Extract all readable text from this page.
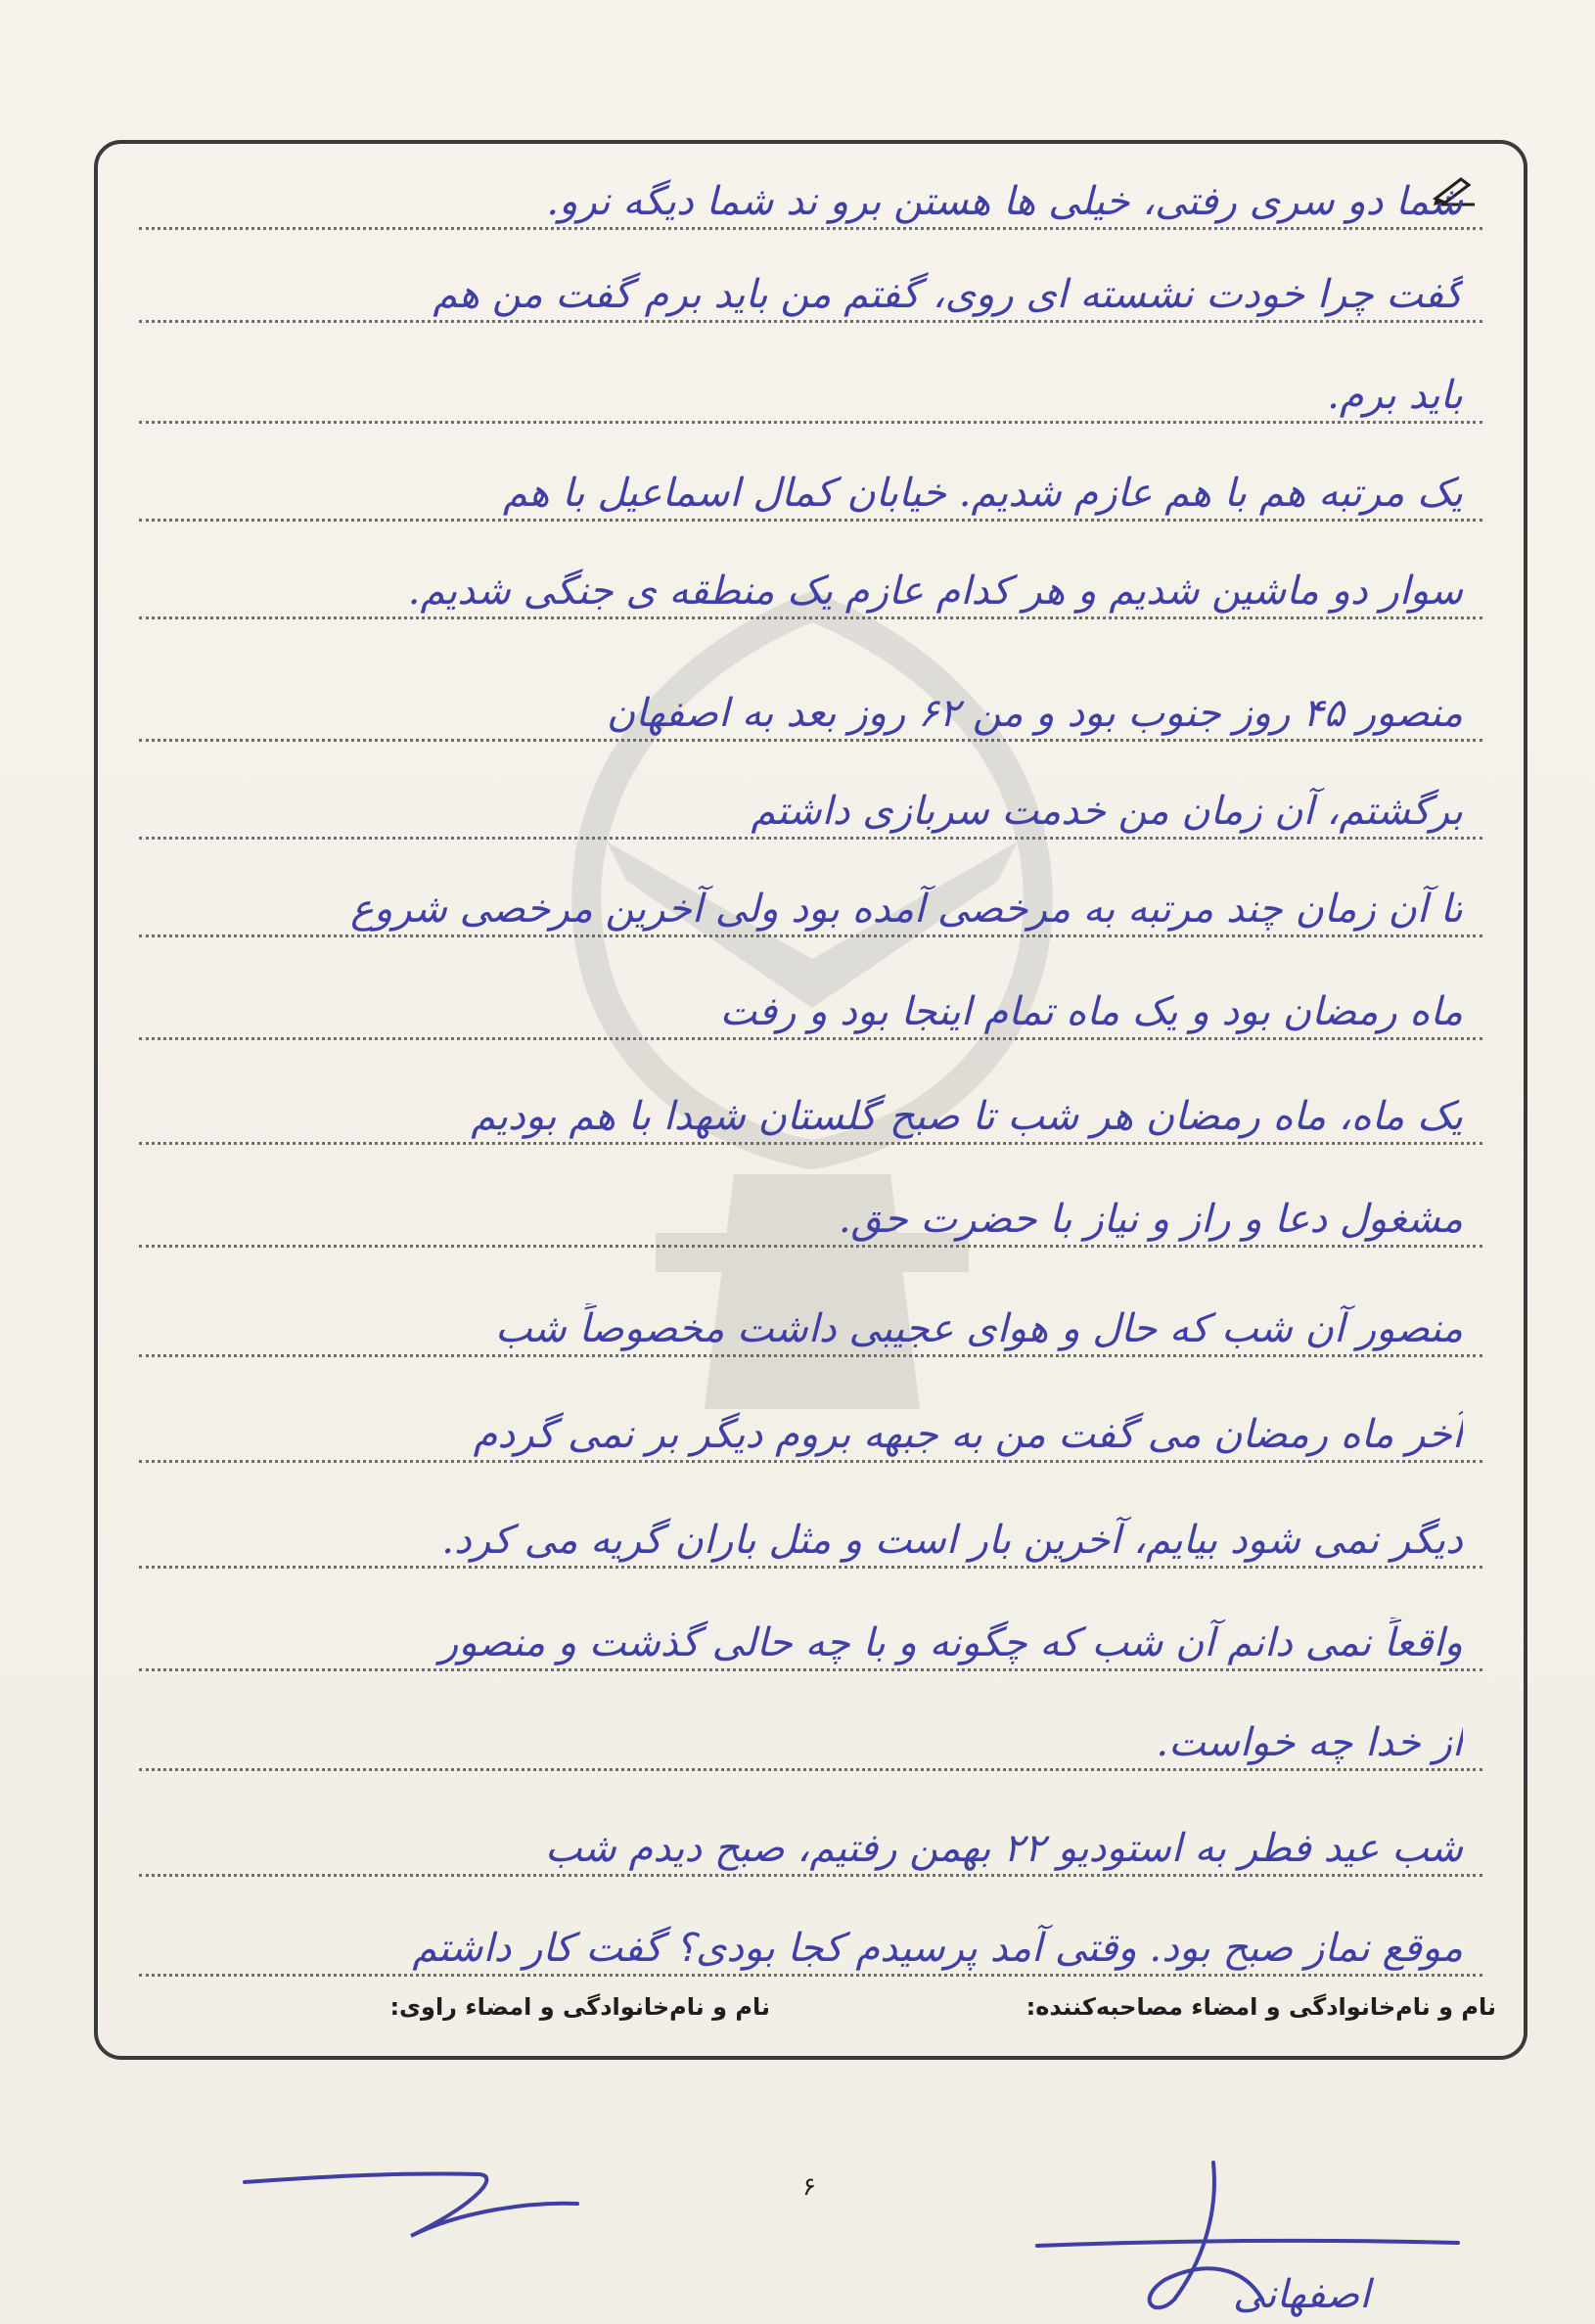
شما دو سری رفتی، خیلی ها هستن برو ند شما دیگه نرو.
گفت چرا خودت نشسته ای روی، گفتم من باید برم گفت من هم
باید برم.
یک مرتبه هم با هم عازم شدیم. خیابان کمال اسماعیل با هم
سوار دو ماشین شدیم و هر کدام عازم یک منطقه ی جنگی شدیم.
منصور ۴۵ روز جنوب بود و من ۶۲ روز بعد به اصفهان
برگشتم، آن زمان من خدمت سربازی داشتم
تا آن زمان چند مرتبه به مرخصی آمده بود ولی آخرین مرخصی شروع
ماه رمضان بود و یک ماه تمام اینجا بود و رفت
یک ماه، ماه رمضان هر شب تا صبح گلستان شهدا با هم بودیم
مشغول دعا و راز و نیاز با حضرت حق.
منصور آن شب که حال و هوای عجیبی داشت مخصوصاً شب
آخر ماه رمضان می گفت من به جبهه بروم دیگر بر نمی گردم
دیگر نمی شود بیایم، آخرین بار است و مثل باران گریه می کرد.
واقعاً نمی دانم آن شب که چگونه و با چه حالی گذشت و منصور
از خدا چه خواست.
شب عید فطر به استودیو ۲۲ بهمن رفتیم، صبح دیدم شب
موقع نماز صبح بود. وقتی آمد پرسیدم کجا بودی؟ گفت کار داشتم
نام و نام‌خانوادگی و امضاء مصاحبه‌کننده:
نام و نام‌خانوادگی و امضاء راوی:
۶
اصفهانی
